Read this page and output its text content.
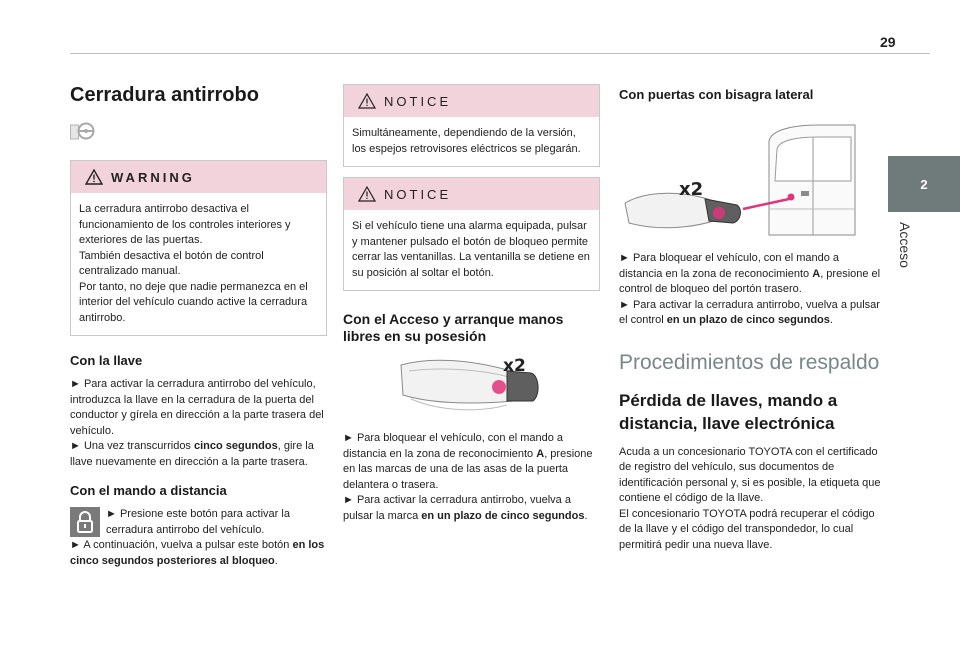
29
2
Acceso
Cerradura antirrobo
WARNING
La cerradura antirrobo desactiva el funcionamiento de los controles interiores y exteriores de las puertas.
También desactiva el botón de control centralizado manual.
Por tanto, no deje que nadie permanezca en el interior del vehículo cuando active la cerradura antirrobo.
Con la llave

► Para activar la cerradura antirrobo del vehículo, introduzca la llave en la cerradura de la puerta del conductor y gírela en dirección a la parte trasera del vehículo.

► Una vez transcurridos cinco segundos, gire la llave nuevamente en dirección a la parte trasera.

Con el mando a distancia

► Presione este botón para activar la cerradura antirrobo del vehículo.

► A continuación, vuelva a pulsar este botón en los cinco segundos posteriores al bloqueo.

NOTICE
Simultáneamente, dependiendo de la versión, los espejos retrovisores eléctricos se plegarán.
NOTICE
Si el vehículo tiene una alarma equipada, pulsar y mantener pulsado el botón de bloqueo permite cerrar las ventanillas. La ventanilla se detiene en su posición al soltar el botón.
Con el Acceso y arranque manos libres en su posesión
x2

► Para bloquear el vehículo, con el mando a distancia en la zona de reconocimiento A, presione en las marcas de una de las asas de la puerta delantera o trasera.

► Para activar la cerradura antirrobo, vuelva a pulsar la marca en un plazo de cinco segundos.

Con puertas con bisagra lateral
x2

► Para bloquear el vehículo, con el mando a distancia en la zona de reconocimiento A, presione el control de bloqueo del portón trasero.

► Para activar la cerradura antirrobo, vuelva a pulsar el control en un plazo de cinco segundos.

Procedimientos de respaldo
Pérdida de llaves, mando a distancia, llave electrónica

Acuda a un concesionario TOYOTA con el certificado de registro del vehículo, sus documentos de identificación personal y, si es posible, la etiqueta que contiene el código de la llave.

El concesionario TOYOTA podrá recuperar el código de la llave y el código del transpondedor, lo cual permitirá pedir una nueva llave.
